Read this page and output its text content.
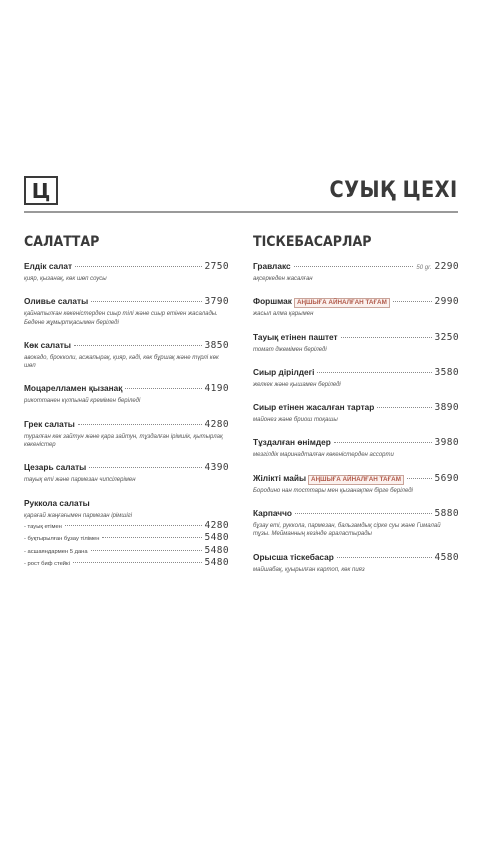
Ц	СУЫҚ ЦЕХІ
САЛАТТАР
Елдік салат	2750
қияр, қызанақ, көк шөп соусы
Оливье салаты	3790
қайнатылған көкеністерден сиыр тілі және сиыр етінен жасалады. Бедене жұмыртқасымен беріледі
Көк салаты	3850
авокадо, брокколи, асжапырақ, қияр, кәді, көк бұршақ және түрлі көк шөп
Моцарелламен қызанақ	4190
рикоттанен күлпынай кремімен беріледі
Грек салаты	4280
туралған көк зайтун және қара зайтун, тұздалған ірімшік, қытырлақ көкеністер
Цезарь салаты	4390
тауық еті және пармезан чипсілерімен
Руккола салаты
қарағай жаңғағымен пармезан ірімшігі
- тауық етімен	4280
- буқтырылған бұзау тілімен	5480
- асшаяндармен 5 дана	5480
- рост биф стейкі	5480
ТІСКЕБАСАРЛАР
Гравлакс	50 gr. 2290
ақсеркеден жасалған
Форшмак АҢШЫҒА АЙНАЛҒАН ТАҒАМ	2990
жасыл алма қарымен
Тауық етінен паштет	3250
томат джемімен беріледі
Сиыр дірілдегі	3580
желкек және қышамен беріледі
Сиыр етінен жасалған тартар	3890
майонез және бриош тоқашы
Тұздалған өнімдер	3980
мезгілдік маринадталған көкеністерден ассорти
Жілікті майы АҢШЫҒА АЙНАЛҒАН ТАҒАМ	5690
Бородино нан тосттары мен қызанақпен бірге беріледі
Карпаччо	5880
бұзау еті, руккола, пармезан, бальзамдық сірке суы және Гималай тұзы. Мейманның кезінде араластырады
Орысша тіскебасар	4580
майшабақ, қуырылған картоп, көк пияз
